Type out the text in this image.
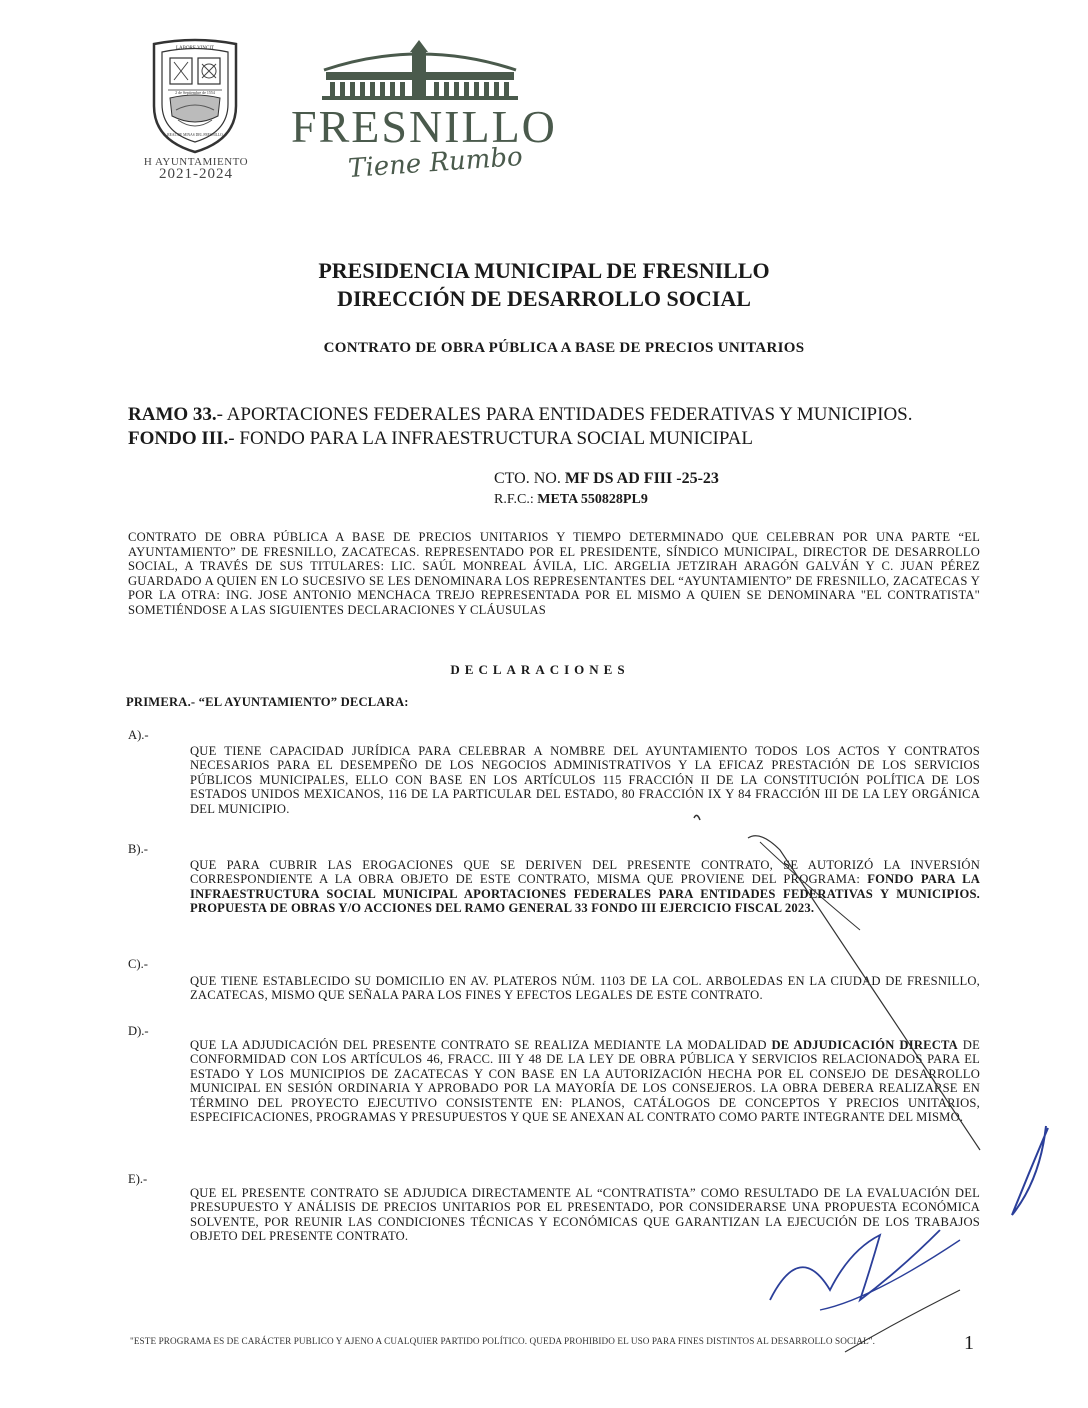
LABORE VINCIT
2 de Septiembre de 1554
REAL DE MINAS DEL FRESNILLO
H AYUNTAMIENTO
2021-2024
FRESNILLO
Tiene Rumbo
PRESIDENCIA MUNICIPAL DE FRESNILLO
DIRECCIÓN DE DESARROLLO SOCIAL
CONTRATO DE OBRA PÚBLICA A BASE DE PRECIOS UNITARIOS
RAMO 33.- APORTACIONES FEDERALES PARA ENTIDADES FEDERATIVAS Y MUNICIPIOS.
FONDO III.- FONDO PARA LA INFRAESTRUCTURA SOCIAL MUNICIPAL
CTO. NO. MF DS AD FIII -25-23
R.F.C.: META 550828PL9
CONTRATO DE OBRA PÚBLICA A BASE DE PRECIOS UNITARIOS Y TIEMPO DETERMINADO QUE CELEBRAN POR UNA PARTE “EL AYUNTAMIENTO” DE FRESNILLO, ZACATECAS. REPRESENTADO POR EL PRESIDENTE, SÍNDICO MUNICIPAL, DIRECTOR DE DESARROLLO SOCIAL, A TRAVÉS DE SUS TITULARES: LIC. SAÚL MONREAL ÁVILA, LIC. ARGELIA JETZIRAH ARAGÓN GALVÁN Y C. JUAN PÉREZ GUARDADO A QUIEN EN LO SUCESIVO SE LES DENOMINARA LOS REPRESENTANTES DEL “AYUNTAMIENTO” DE FRESNILLO, ZACATECAS Y POR LA OTRA: ING. JOSE ANTONIO MENCHACA TREJO REPRESENTADA POR EL MISMO A QUIEN SE DENOMINARA "EL CONTRATISTA" SOMETIÉNDOSE A LAS SIGUIENTES DECLARACIONES Y CLÁUSULAS
DECLARACIONES
PRIMERA.- “EL AYUNTAMIENTO” DECLARA:
A).-
QUE TIENE CAPACIDAD JURÍDICA PARA CELEBRAR A NOMBRE DEL AYUNTAMIENTO TODOS LOS ACTOS Y CONTRATOS NECESARIOS PARA EL DESEMPEÑO DE LOS NEGOCIOS ADMINISTRATIVOS Y LA EFICAZ PRESTACIÓN DE LOS SERVICIOS PÚBLICOS MUNICIPALES, ELLO CON BASE EN LOS ARTÍCULOS 115 FRACCIÓN II DE LA CONSTITUCIÓN POLÍTICA DE LOS ESTADOS UNIDOS MEXICANOS, 116 DE LA PARTICULAR DEL ESTADO, 80 FRACCIÓN IX Y 84 FRACCIÓN III DE LA LEY ORGÁNICA DEL MUNICIPIO.
B).-
QUE PARA CUBRIR LAS EROGACIONES QUE SE DERIVEN DEL PRESENTE CONTRATO, SE AUTORIZÓ LA INVERSIÓN CORRESPONDIENTE A LA OBRA OBJETO DE ESTE CONTRATO, MISMA QUE PROVIENE DEL PROGRAMA: FONDO PARA LA INFRAESTRUCTURA SOCIAL MUNICIPAL APORTACIONES FEDERALES PARA ENTIDADES FEDERATIVAS Y MUNICIPIOS. PROPUESTA DE OBRAS Y/O ACCIONES DEL RAMO GENERAL 33 FONDO III EJERCICIO FISCAL 2023.
C).-
QUE TIENE ESTABLECIDO SU DOMICILIO EN AV. PLATEROS NÚM. 1103 DE LA COL. ARBOLEDAS EN LA CIUDAD DE FRESNILLO, ZACATECAS, MISMO QUE SEÑALA PARA LOS FINES Y EFECTOS LEGALES DE ESTE CONTRATO.
D).-
QUE LA ADJUDICACIÓN DEL PRESENTE CONTRATO SE REALIZA MEDIANTE LA MODALIDAD DE ADJUDICACIÓN DIRECTA DE CONFORMIDAD CON LOS ARTÍCULOS 46, FRACC. III Y 48 DE LA LEY DE OBRA PÚBLICA Y SERVICIOS RELACIONADOS PARA EL ESTADO Y LOS MUNICIPIOS DE ZACATECAS Y CON BASE EN LA AUTORIZACIÓN HECHA POR EL CONSEJO DE DESARROLLO MUNICIPAL EN SESIÓN ORDINARIA Y APROBADO POR LA MAYORÍA DE LOS CONSEJEROS. LA OBRA DEBERA REALIZARSE EN TÉRMINO DEL PROYECTO EJECUTIVO CONSISTENTE EN: PLANOS, CATÁLOGOS DE CONCEPTOS Y PRECIOS UNITARIOS, ESPECIFICACIONES, PROGRAMAS Y PRESUPUESTOS Y QUE SE ANEXAN AL CONTRATO COMO PARTE INTEGRANTE DEL MISMO.
E).-
QUE EL PRESENTE CONTRATO SE ADJUDICA DIRECTAMENTE AL “CONTRATISTA” COMO RESULTADO DE LA EVALUACIÓN DEL PRESUPUESTO Y ANÁLISIS DE PRECIOS UNITARIOS POR EL PRESENTADO, POR CONSIDERARSE UNA PROPUESTA ECONÓMICA SOLVENTE, POR REUNIR LAS CONDICIONES TÉCNICAS Y ECONÓMICAS QUE GARANTIZAN LA EJECUCIÓN DE LOS TRABAJOS OBJETO DEL PRESENTE CONTRATO.
"ESTE PROGRAMA ES DE CARÁCTER PUBLICO Y AJENO A CUALQUIER PARTIDO POLÍTICO. QUEDA PROHIBIDO EL USO PARA FINES DISTINTOS AL DESARROLLO SOCIAL".	1
